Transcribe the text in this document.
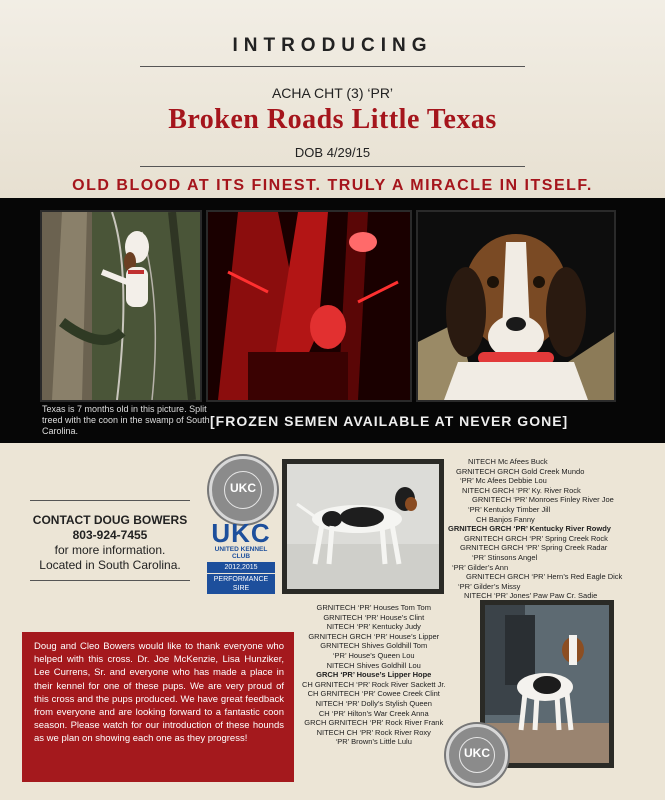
INTRODUCING
ACHA CHT (3) ‘PR’
Broken Roads Little Texas
DOB 4/29/15
OLD BLOOD AT ITS FINEST. TRULY A MIRACLE IN ITSELF.
Texas is 7 months old in this picture. Split treed with the coon in the swamp of South Carolina.
[FROZEN SEMEN AVAILABLE AT NEVER GONE]
UKC
UKC
UNITED KENNEL CLUB
2012,2015
PERFORMANCE SIRE
CONTACT DOUG BOWERS
803-924-7455
for more information.
Located in South Carolina.
NITECH Mc Afees Buck
GRNITECH GRCH Gold Creek Mundo
‘PR’ Mc Afees Debbie Lou
NITECH GRCH ‘PR’ Ky. River Rock
GRNITECH ‘PR’ Monroes Finley River Joe
‘PR’ Kentucky Timber Jill
CH Banjos Fanny
GRNITECH GRCH ‘PR’ Kentucky River Rowdy
GRNITECH GRCH ‘PR’ Spring Creek Rock
GRNITECH GRCH ‘PR’ Spring Creek Radar
‘PR’ Stinsons Angel
‘PR’ Gilder’s Ann
GRNITECH GRCH ‘PR’ Hern’s Red Eagle Dick
‘PR’ Gilder’s Missy
NITECH ‘PR’ Jones’ Paw Paw Cr. Sadie
GRNITECH ‘PR’ Houses Tom Tom
GRNITECH ‘PR’ House’s Clint
NITECH ‘PR’ Kentucky Judy
GRNITECH GRCH ‘PR’ House’s Lipper
GRNITECH Shives Goldhill Tom
‘PR’ House’s Queen Lou
NITECH Shives Goldhill Lou
GRCH ‘PR’ House’s Lipper Hope
CH GRNITECH ‘PR’ Rock River Sackett Jr.
CH GRNITECH ‘PR’ Cowee Creek Clint
NITECH ‘PR’ Dolly’s Stylish Queen
CH ‘PR’ Hilton’s War Creek Anna
GRCH GRNITECH ‘PR’ Rock River Frank
NITECH CH ‘PR’ Rock River Roxy
‘PR’ Brown’s Little Lulu
UKC
Doug and Cleo Bowers would like to thank everyone who helped with this cross. Dr. Joe McKenzie, Lisa Hunziker, Lee Currens, Sr. and everyone who has made a place in their kennel for one of these pups. We are very proud of this cross and the pups produced. We have great feedback from everyone and are looking forward to a fantastic coon season. Please watch for our introduction of these hounds as we plan on showing each one as they progress!
